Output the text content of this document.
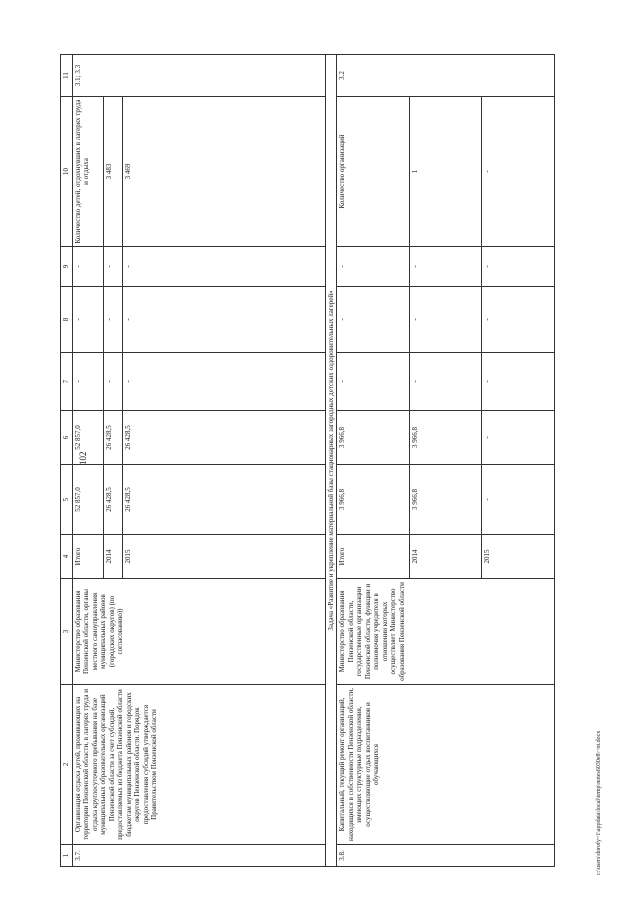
102
1	2	3	4	5	6	7	8	9	10	11
3.7.	Организация отдыха детей, проживающих на территории Пензенской области, в лагерях труда и отдыха круглосуточного пребывания на базе муниципальных образовательных организаций Пензенской области за счет субсидий, предоставляемых из бюджета Пензенской области бюджетам муниципальных районов и городских округов Пензенской области. Порядок предоставления субсидий утверждается Правительством Пензенской области	Министерство образования Пензенской области, органы местного самоуправления муниципальных районов (городских округов) (по согласованию))	Итого	52 857,0	52 857,0	-	-	-	Количество детей, отдохнувших в лагерях труда и отдыха	3.1; 3.3
			2014	26 428,5	26 428,5	-	-	-	3 483	
			2015	26 428,5	26 428,5	-	-	-	3 469	
Задача «Развитие и укрепление материальной базы стационарных загородных детских оздоровительных лагерей»										
3.8.	Капитальный, текущий ремонт организаций, находящихся в собственности Пензенской области, имеющих структурные подразделения, осуществляющие отдых воспитанников и обучающихся	Министерство образования Пензенской области, государственные организации Пензенской области, функции и полномочия учредителя в отношении которых осуществляет Министерство образования Пензенской области	Итого	3 966,8	3 966,8	-	-	-	Количество организаций	3.2
			2014	3 966,8	3 966,8	-	-	-	1	
			2015	-	-	-	-	-	-	
c:\users\dorofy~1\appdata\local\temp\notes6030e8\~ot.docx
